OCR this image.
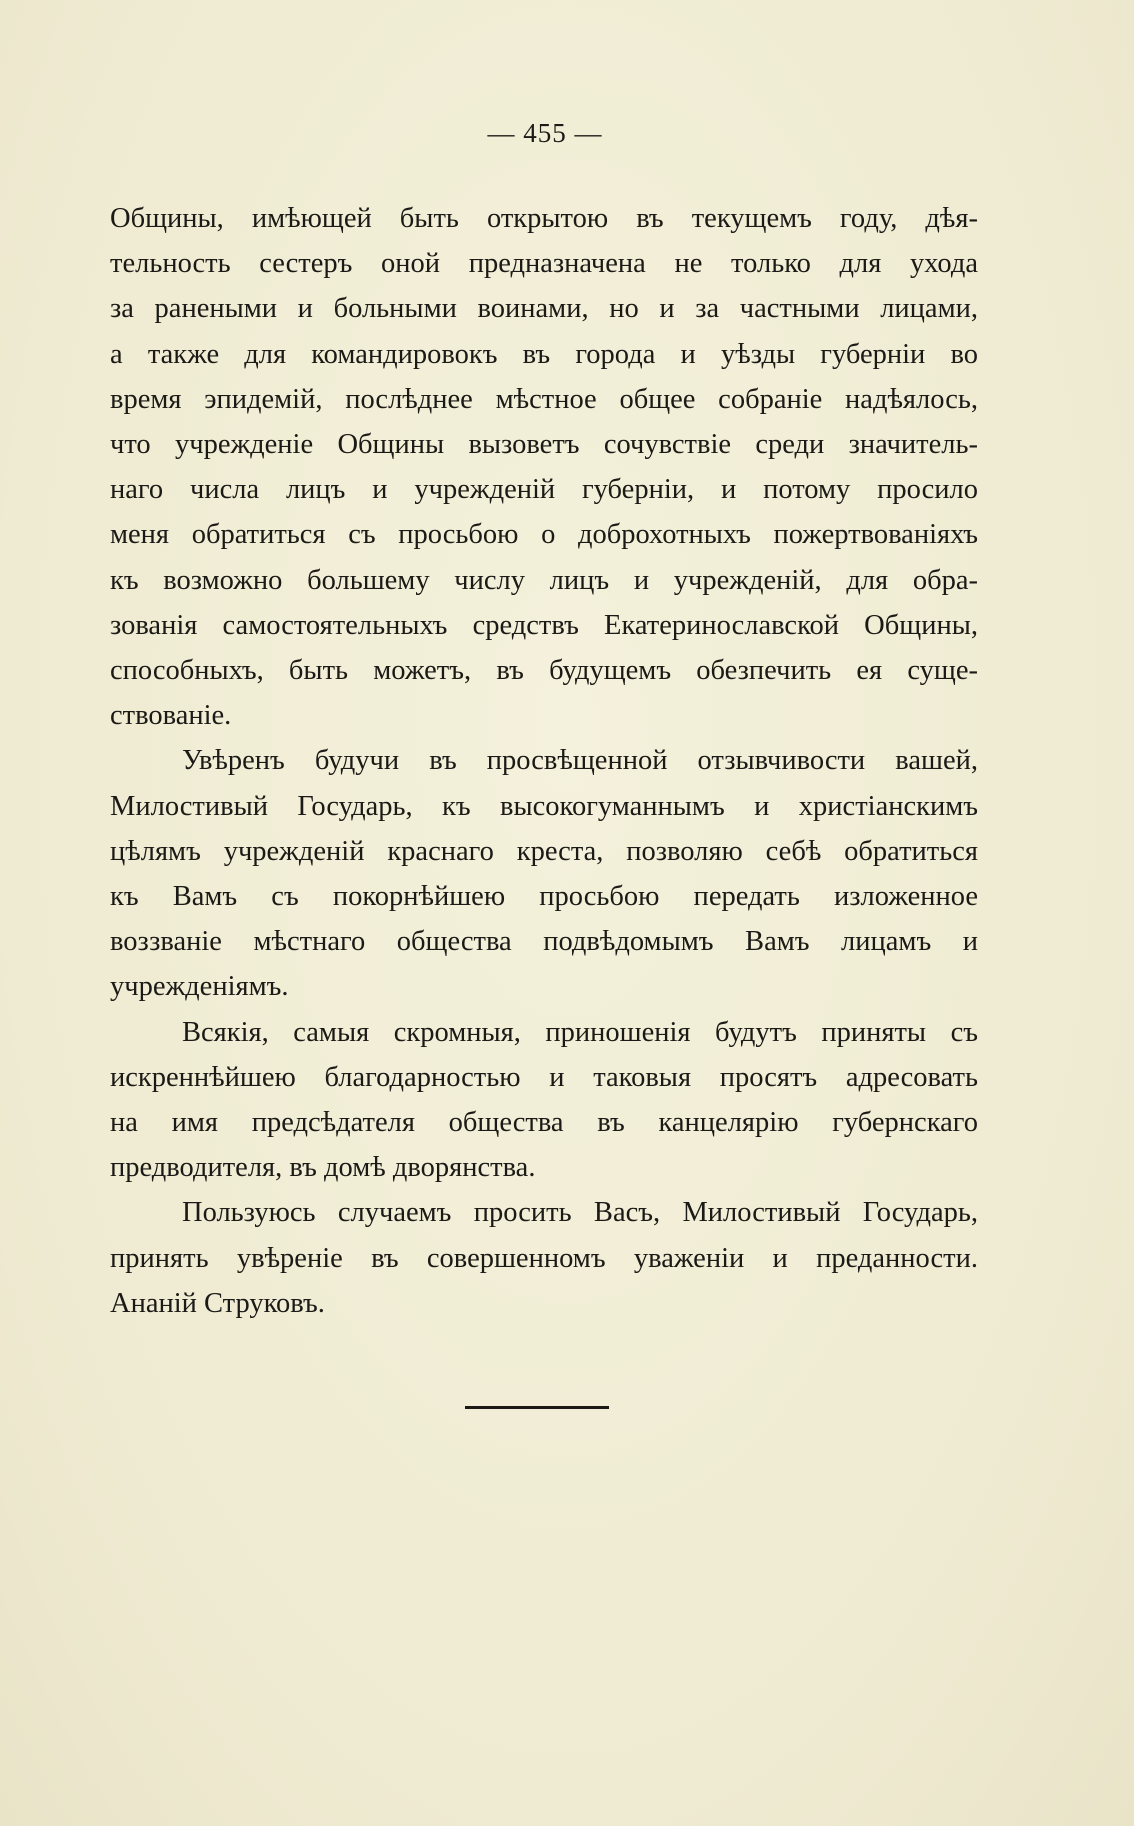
— 455 —
Общины, имѣющей быть открытою въ текущемъ году, дѣя-
тельность сестеръ оной предназначена не только для ухода
за ранеными и больными воинами, но и за частными лицами,
а также для командировокъ въ города и уѣзды губерніи во
время эпидемій, послѣднее мѣстное общее собраніе надѣялось,
что учрежденіе Общины вызоветъ сочувствіе среди значитель-
наго числа лицъ и учрежденій губерніи, и потому просило
меня обратиться съ просьбою о доброхотныхъ пожертвованіяхъ
къ возможно большему числу лицъ и учрежденій, для обра-
зованія самостоятельныхъ средствъ Екатеринославской Общины,
способныхъ, быть можетъ, въ будущемъ обезпечить ея суще-
ствованіе.
Увѣренъ будучи въ просвѣщенной отзывчивости вашей,
Милостивый Государь, къ высокогуманнымъ и христіанскимъ
цѣлямъ учрежденій краснаго креста, позволяю себѣ обратиться
къ Вамъ съ покорнѣйшею просьбою передать изложенное
воззваніе мѣстнаго общества подвѣдомымъ Вамъ лицамъ и
учрежденіямъ.
Всякія, самыя скромныя, приношенія будутъ приняты съ
искреннѣйшею благодарностью и таковыя просятъ адресовать
на имя предсѣдателя общества въ канцелярію губернскаго
предводителя, въ домѣ дворянства.
Пользуюсь случаемъ просить Васъ, Милостивый Государь,
принять увѣреніе въ совершенномъ уваженіи и преданности.
Ананій Струковъ.
